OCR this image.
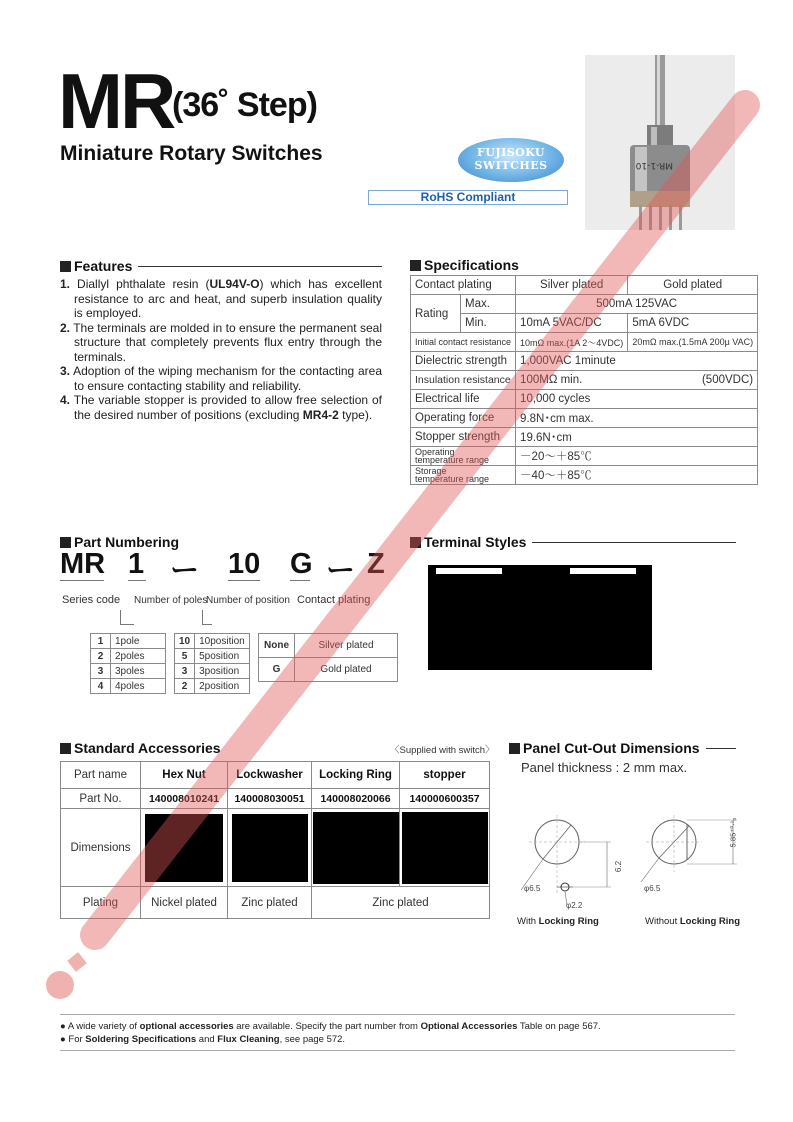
MR
(36˚ Step)
Miniature Rotary Switches	FUJISOKU
SWITCHES
RoHS Compliant
MR-1-10
Features
1. Diallyl phthalate resin (UL94V-O) which has excellent resistance to arc and heat, and superb insulation quality is employed.
2. The terminals are molded in to ensure the permanent seal structure that completely prevents flux entry through the terminals.
3. Adoption of the wiping mechanism for the contacting area to ensure contacting stability and reliability.
4. The variable stopper is provided to allow free selection of the desired number of positions (excluding MR4-2 type).
Specifications
Contact plating		Silver plated	Gold plated
Rating	Max.	500mA 125VAC	
	Min.	10mA 5VAC/DC	5mA 6VDC
Initial contact resistance		10mΩ max.(1A 2～4VDC)	20mΩ max.(1.5mA 200μ VAC)
Dielectric strength		1,000VAC 1minute	
Insulation resistance		100MΩ min. (500VDC)	

Electrical life		10,000 cycles	
Operating force		9.8N･cm max.	
Stopper strength		19.6N･cm	

Operating
temperature range		－20～＋85℃	

Storage
temperature range		－40～＋85℃	
Part Numbering
MR 1 ー 10 G ー Z
Series code Number of poles
Number of position Contact plating
1	1pole
2	2poles
3	3poles
4	4poles
10	10position
5	5position
3	3position
2	2position
None	Silver plated
G	Gold plated
Terminal Styles
Standard Accessories	〈Supplied with switch〉
Part name	Hex Nut	Lockwasher	Locking Ring	stopper
Part No.	140008010241	140008030051	140008020066	140000600357
Dimensions	

Plating	Nickel plated	Zinc plated	Zinc plated	
Panel Cut-Out Dimensions
Panel thickness : 2 mm max.
φ6.5
6.2
φ2.2
φ6.5
5.85⁺⁰·¹₀
With Locking Ring	Without Locking Ring
● A wide variety of optional accessories are available. Specify the part number from Optional Accessories Table on page 567.
● For Soldering Specifications and Flux Cleaning, see page 572.
